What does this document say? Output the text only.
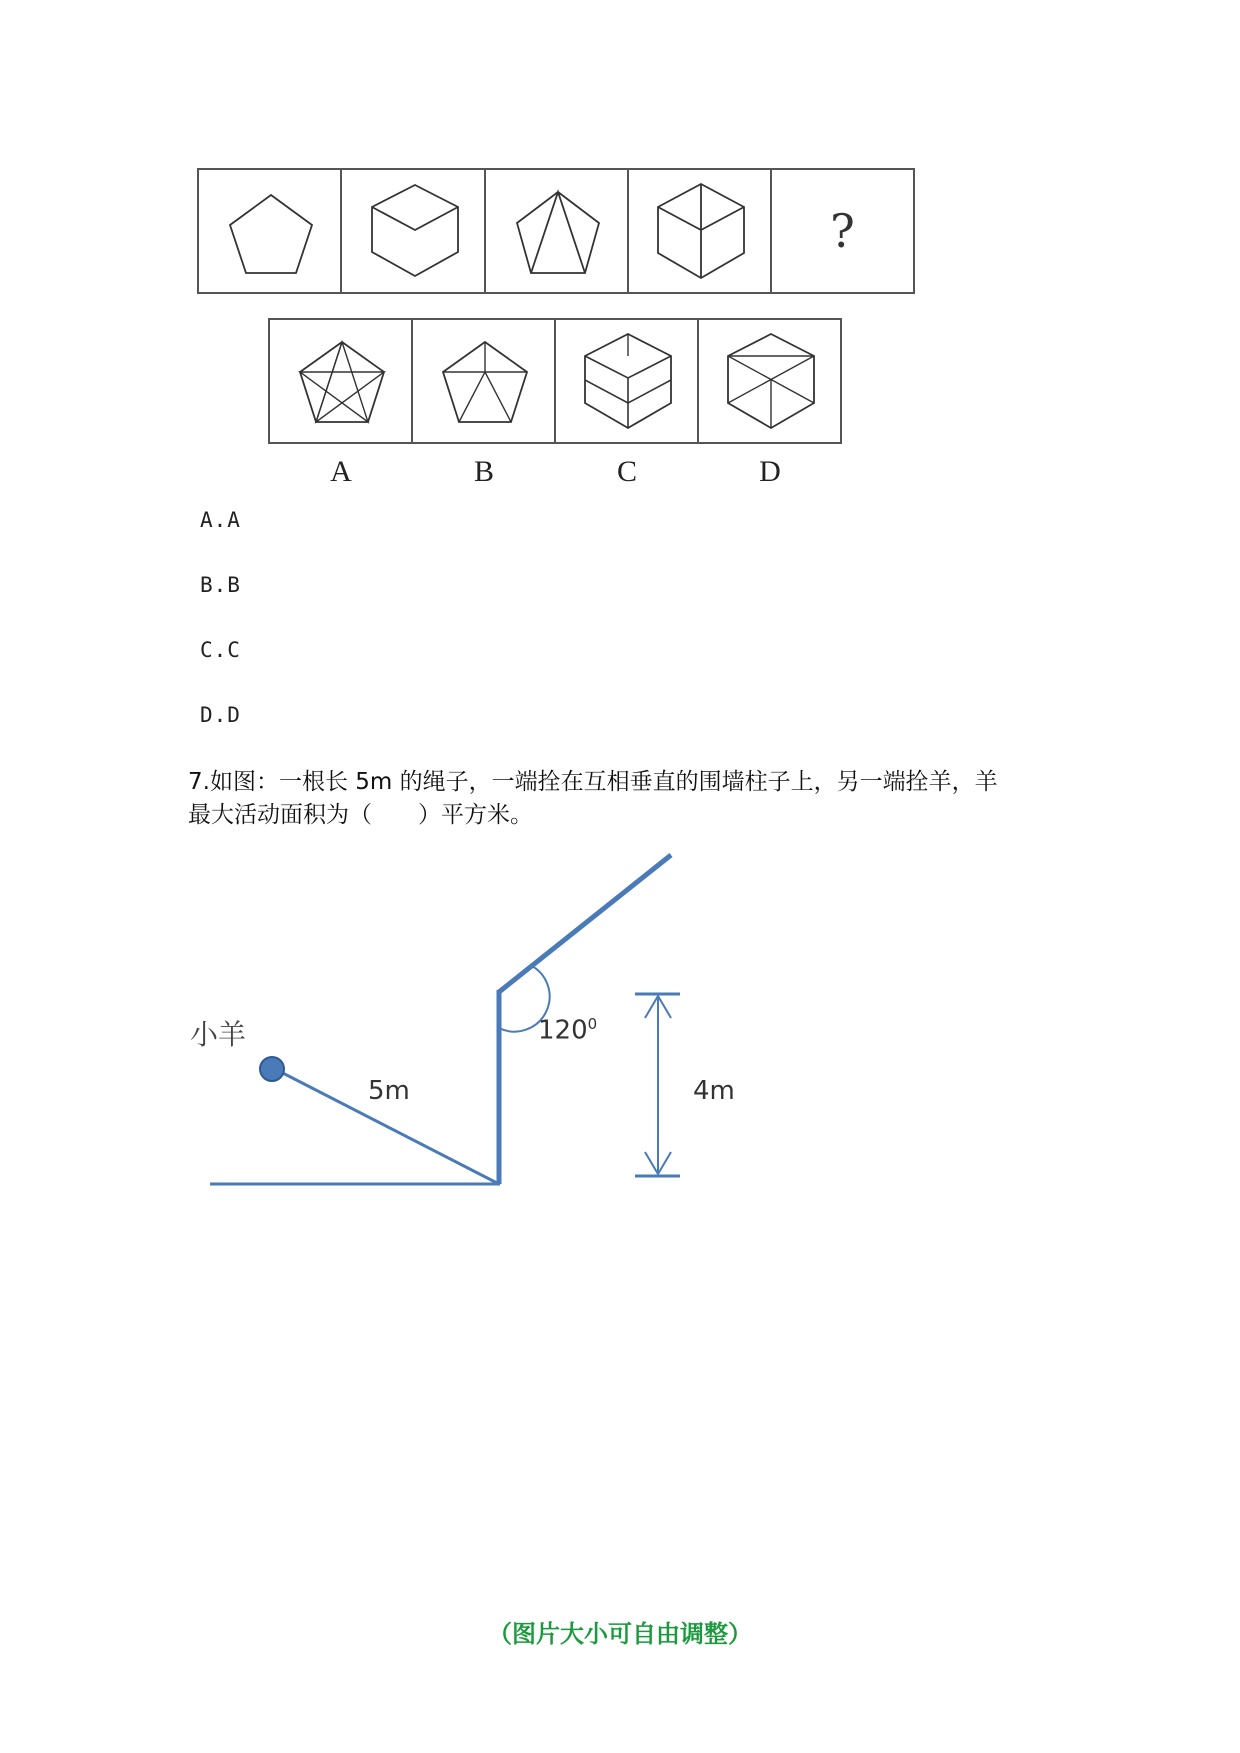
?
A	B	C	D
A.A
B.B
C.C
D.D
7.如图：一根长 5m 的绳子，一端拴在互相垂直的围墙柱子上，另一端拴羊，羊
最大活动面积为（　　）平方米。
小羊
5m
$120^0$
4m
（图片大小可自由调整）
